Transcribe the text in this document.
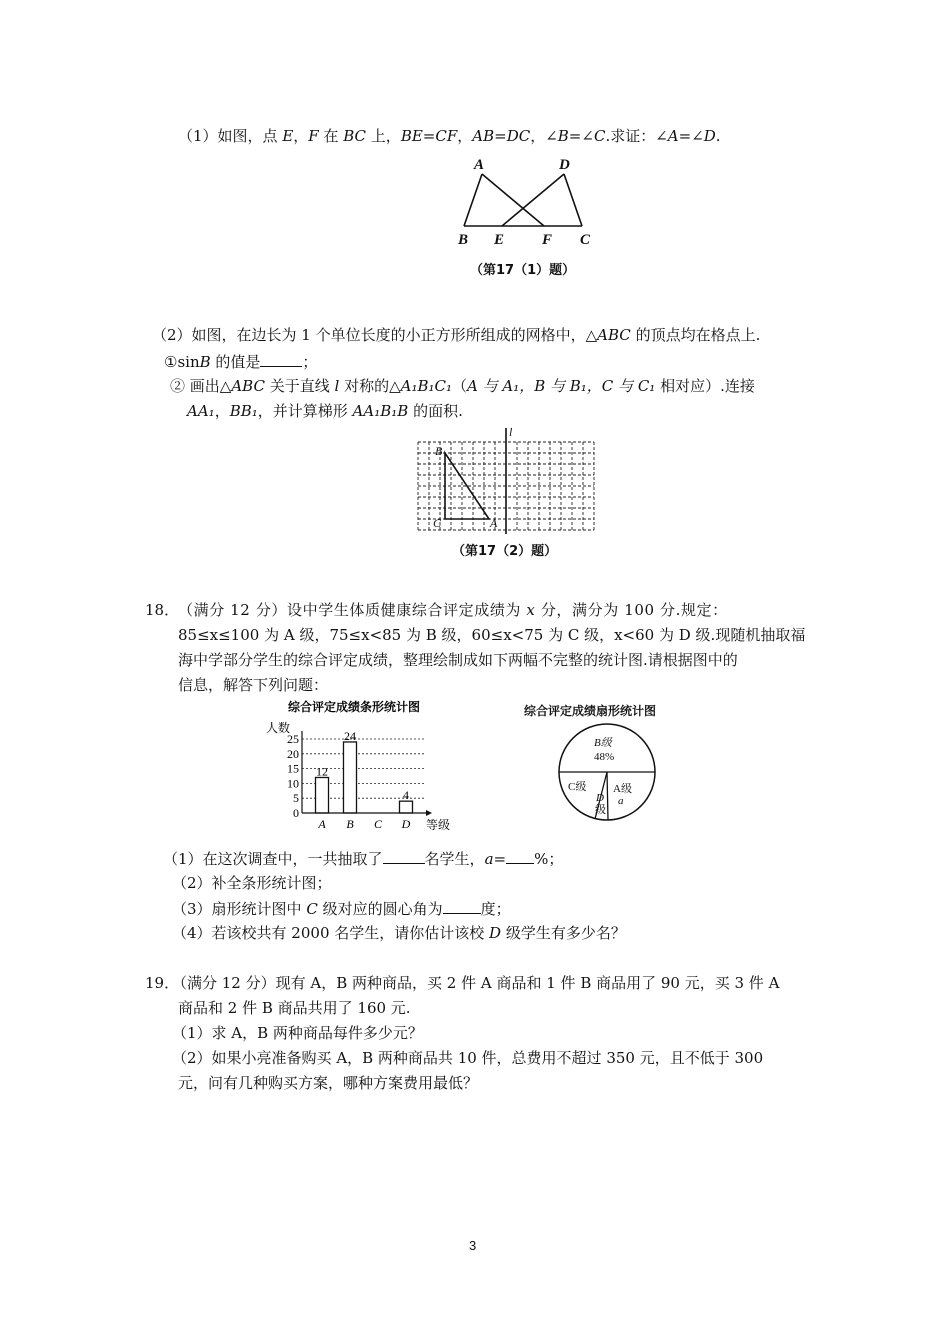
（1）如图，点 E，F 在 BC 上，BE=CF，AB=DC，∠B=∠C.求证：∠A=∠D.
A	D
B E	F C
（第17（1）题）
（2）如图，在边长为 1 个单位长度的小正方形所组成的网格中，△ABC 的顶点均在格点上.
①sinB 的值是	；
② 画出△ABC 关于直线 l 对称的△A₁B₁C₁（A 与 A₁，B 与 B₁，C 与 C₁ 相对应）.连接
AA₁，BB₁，并计算梯形 AA₁B₁B 的面积.
l
B
C	A
（第17（2）题）
18．
（满分 12 分）设中学生体质健康综合评定成绩为 x 分，满分为 100 分.规定：
85≤x≤100 为 A 级，75≤x<85 为 B 级，60≤x<75 为 C 级，x<60 为 D 级.现随机抽取福
海中学部分学生的综合评定成绩，整理绘制成如下两幅不完整的统计图.请根据图中的
信息，解答下列问题：
综合评定成绩条形统计图
人数
等级
0
5
10
15
20
25
A B C D
12
24
4
综合评定成绩扇形统计图
B级
48%
C级
D
级
A级
a
（1）在这次调查中，一共抽取了	名学生，a= %；
（2）补全条形统计图；
（3）扇形统计图中 C 级对应的圆心角为	度；
（4）若该校共有 2000 名学生，请你估计该校 D 级学生有多少名？
19．
（满分 12 分）现有 A，B 两种商品，买 2 件 A 商品和 1 件 B 商品用了 90 元，买 3 件 A
商品和 2 件 B 商品共用了 160 元.
（1）求 A，B 两种商品每件多少元？
（2）如果小亮准备购买 A，B 两种商品共 10 件，总费用不超过 350 元，且不低于 300
元，问有几种购买方案，哪种方案费用最低？
3
